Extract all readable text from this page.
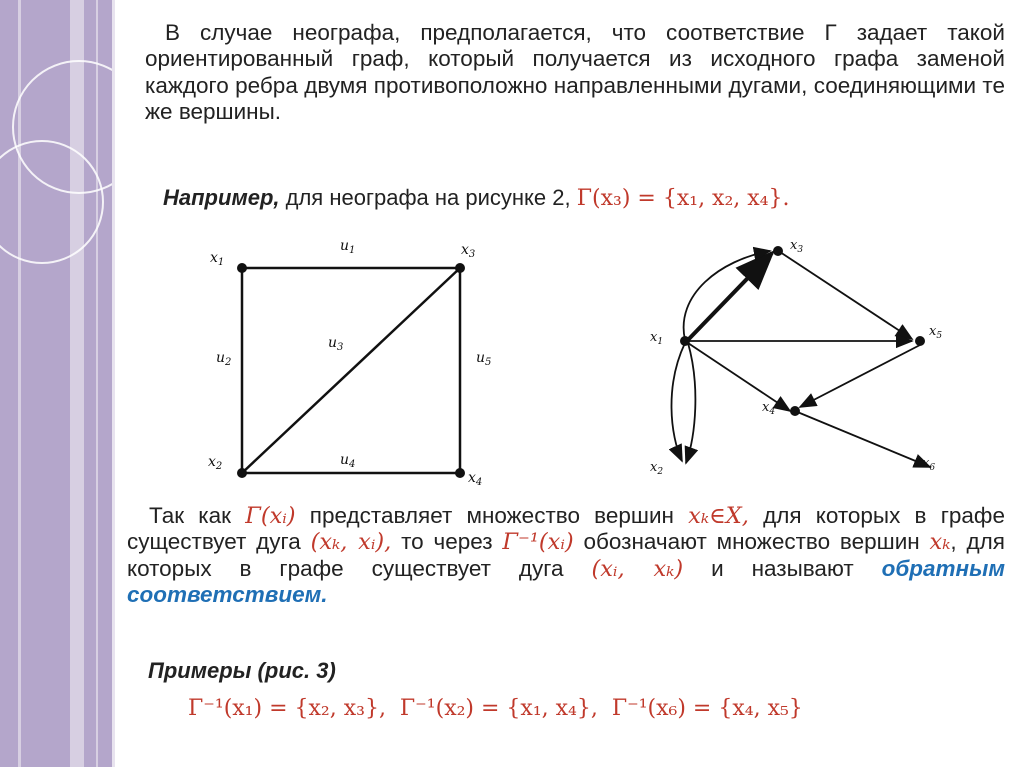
В случае неографа, предполагается, что соответствие Г задает такой ориентированный граф, который получается из исходного графа заменой каждого ребра двумя противоположно направленными дугами, соединяющими те же вершины.

Например, для неографа на рисунке 2, Γ(x₃) = {x₁, x₂, x₄}.
$x_1$
$x_3$
$x_2$
$x_4$
$u_1$
$u_2$
$u_3$
$u_4$
$u_5$
$x_3$
$x_1$
$x_5$
$x_4$
$x_2$
$x_6$

Так как Γ(xᵢ) представляет множество вершин xₖ∈X, для которых в графе существует дуга (xₖ, xᵢ), то через Γ⁻¹(xᵢ) обозначают множество вершин xₖ, для которых в графе существует дуга (xᵢ, xₖ) и называют обратным соответствием.

Примеры (рис. 3)
Γ⁻¹(x₁) = {x₂, x₃},  Γ⁻¹(x₂) = {x₁, x₄},  Γ⁻¹(x₆) = {x₄, x₅}
